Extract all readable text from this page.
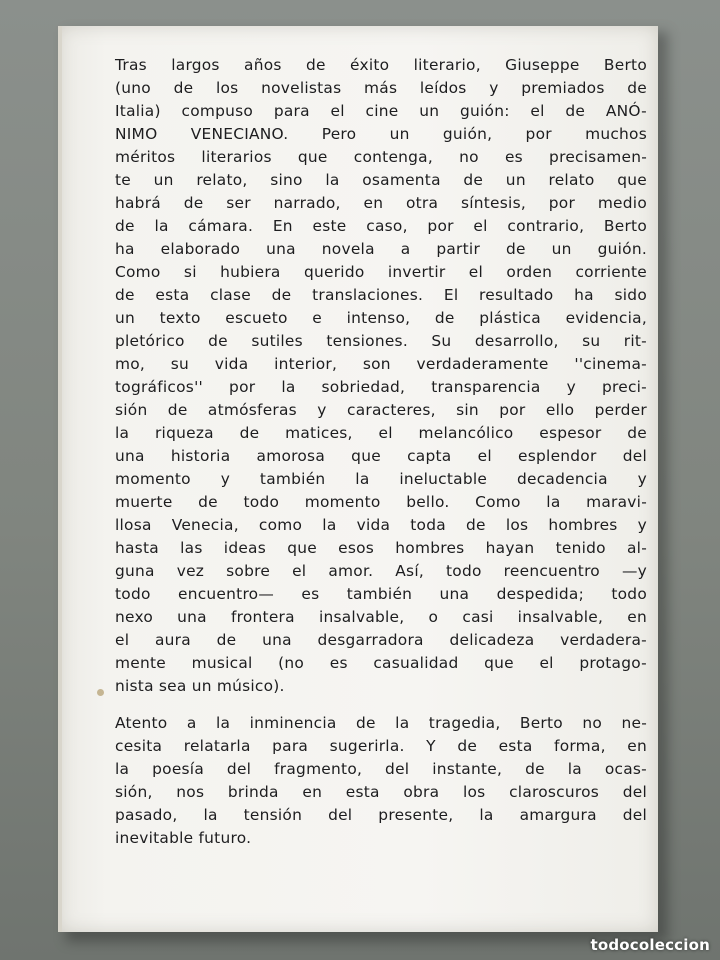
Tras largos años de éxito literario, Giuseppe Berto
(uno de los novelistas más leídos y premiados de
Italia) compuso para el cine un guión: el de ANÓ-
NIMO VENECIANO. Pero un guión, por muchos
méritos literarios que contenga, no es precisamen-
te un relato, sino la osamenta de un relato que
habrá de ser narrado, en otra síntesis, por medio
de la cámara. En este caso, por el contrario, Berto
ha elaborado una novela a partir de un guión.
Como si hubiera querido invertir el orden corriente
de esta clase de translaciones. El resultado ha sido
un texto escueto e intenso, de plástica evidencia,
pletórico de sutiles tensiones. Su desarrollo, su rit-
mo, su vida interior, son verdaderamente ''cinema-
tográficos'' por la sobriedad, transparencia y preci-
sión de atmósferas y caracteres, sin por ello perder
la riqueza de matices, el melancólico espesor de
una historia amorosa que capta el esplendor del
momento y también la ineluctable decadencia y
muerte de todo momento bello. Como la maravi-
llosa Venecia, como la vida toda de los hombres y
hasta las ideas que esos hombres hayan tenido al-
guna vez sobre el amor. Así, todo reencuentro —y
todo encuentro— es también una despedida; todo
nexo una frontera insalvable, o casi insalvable, en
el aura de una desgarradora delicadeza verdadera-
mente musical (no es casualidad que el protago-
nista sea un músico).
Atento a la inminencia de la tragedia, Berto no ne-
cesita relatarla para sugerirla. Y de esta forma, en
la poesía del fragmento, del instante, de la ocas-
sión, nos brinda en esta obra los claroscuros del
pasado, la tensión del presente, la amargura del
inevitable futuro.
todocoleccion
